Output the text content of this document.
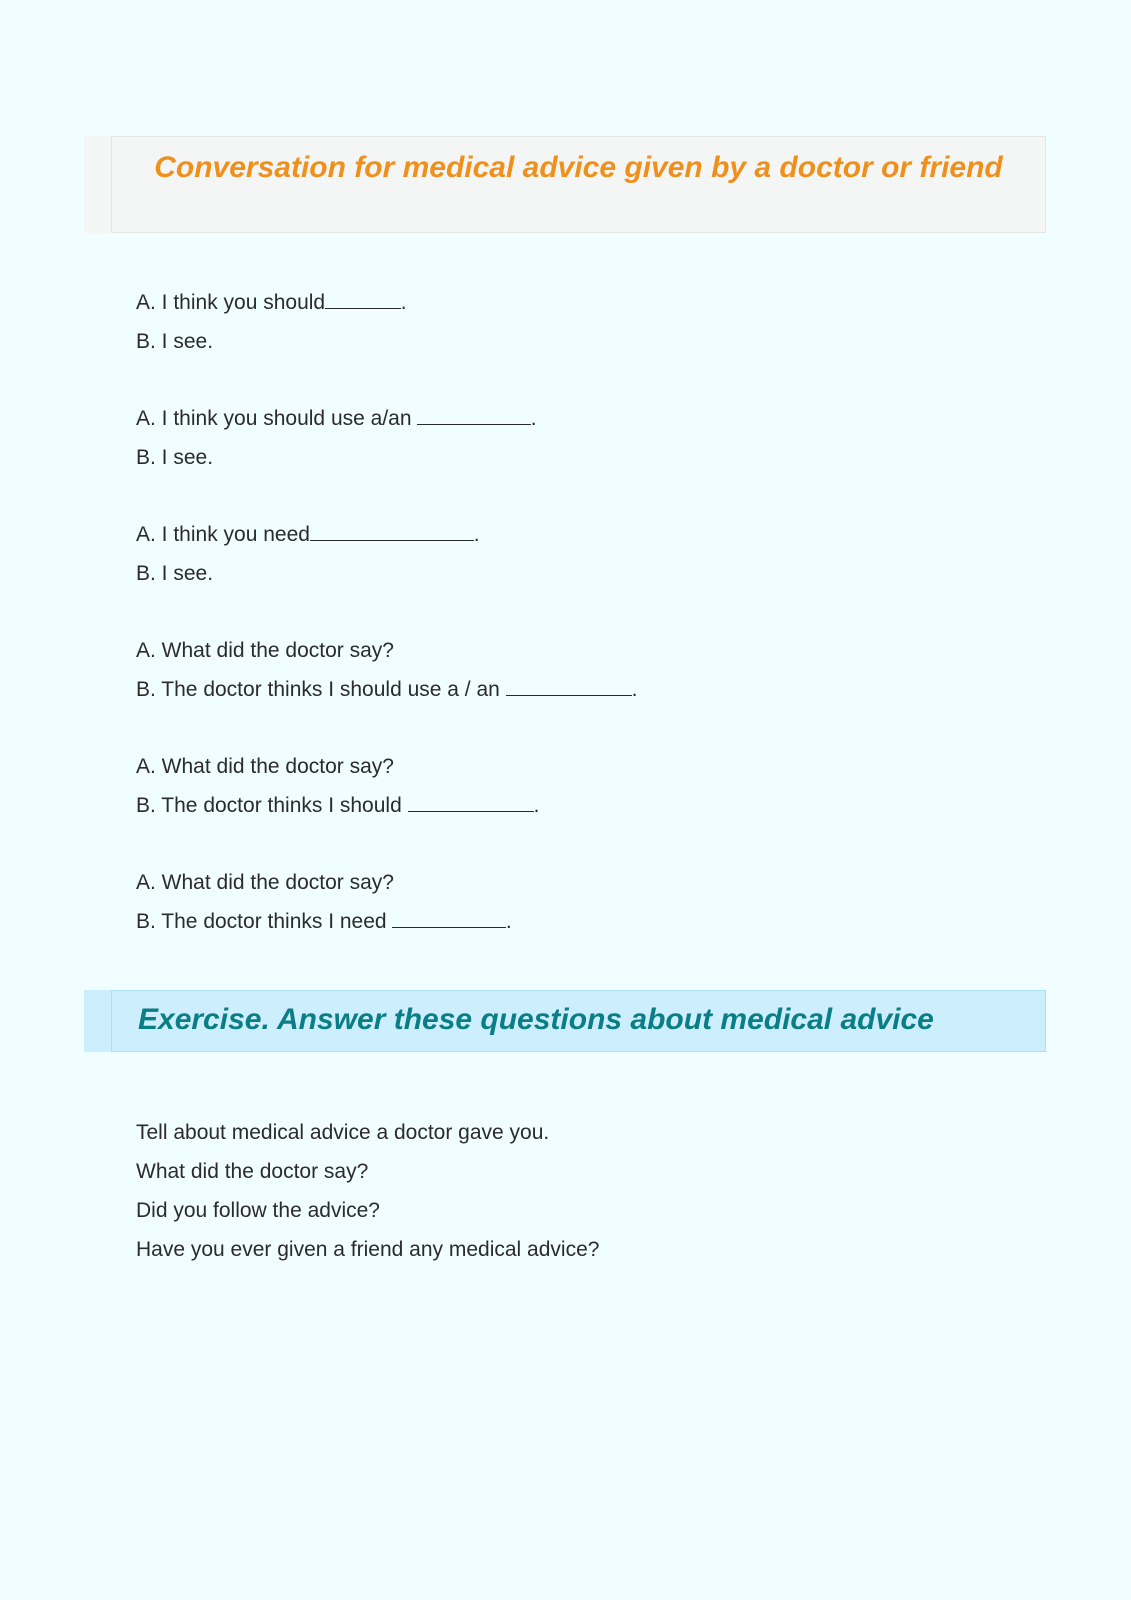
Conversation for medical advice given by a doctor or friend
A. I think you should	.
B. I see.
A. I think you should use a/an	.
B. I see.
A. I think you need	.
B. I see.
A. What did the doctor say?
B. The doctor thinks I should use a / an	.
A. What did the doctor say?
B. The doctor thinks I should	.
A. What did the doctor say?
B. The doctor thinks I need	.
Exercise. Answer these questions about medical advice
Tell about medical advice a doctor gave you.
What did the doctor say?
Did you follow the advice?
Have you ever given a friend any medical advice?
